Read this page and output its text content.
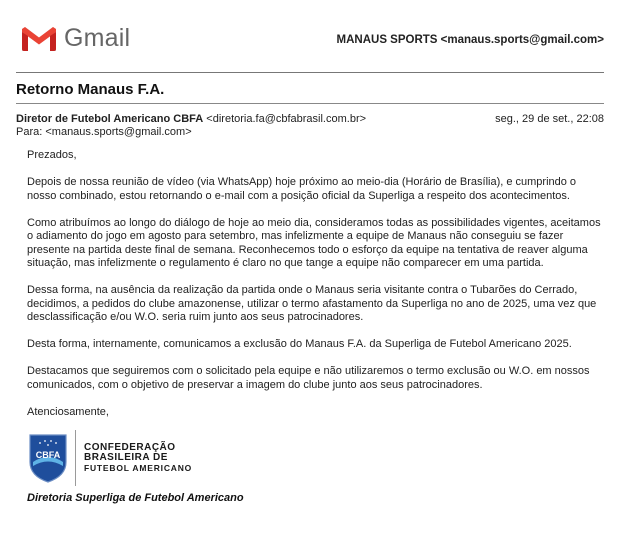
Gmail	MANAUS SPORTS <manaus.sports@gmail.com>
Retorno Manaus F.A.
Diretor de Futebol Americano CBFA <diretoria.fa@cbfabrasil.com.br>	seg., 29 de set., 22:08
Para: <manaus.sports@gmail.com>

Prezados,

Depois de nossa reunião de vídeo (via WhatsApp) hoje próximo ao meio-dia (Horário de Brasília), e cumprindo o nosso combinado, estou retornando o e-mail com a posição oficial da Superliga a respeito dos acontecimentos.

Como atribuímos ao longo do diálogo de hoje ao meio dia, consideramos todas as possibilidades vigentes, aceitamos o adiamento do jogo em agosto para setembro, mas infelizmente a equipe de Manaus não conseguiu se fazer presente na partida deste final de semana. Reconhecemos todo o esforço da equipe na tentativa de reaver alguma situação, mas infelizmente o regulamento é claro no que tange a equipe não comparecer em uma partida.

Dessa forma, na ausência da realização da partida onde o Manaus seria visitante contra o Tubarões do Cerrado, decidimos, a pedidos do clube amazonense, utilizar o termo afastamento da Superliga no ano de 2025, uma vez que desclassificação e/ou W.O. seria ruim junto aos seus patrocinadores.

Desta forma, internamente, comunicamos a exclusão do Manaus F.A. da Superliga de Futebol Americano 2025.

Destacamos que seguiremos com o solicitado pela equipe e não utilizaremos o termo exclusão ou W.O. em nossos comunicados, com o objetivo de preservar a imagem do clube junto aos seus patrocinadores.

Atenciosamente,

CBFA
CONFEDERAÇÃO
BRASILEIRA DE
FUTEBOL AMERICANO
Diretoria Superliga de Futebol Americano
